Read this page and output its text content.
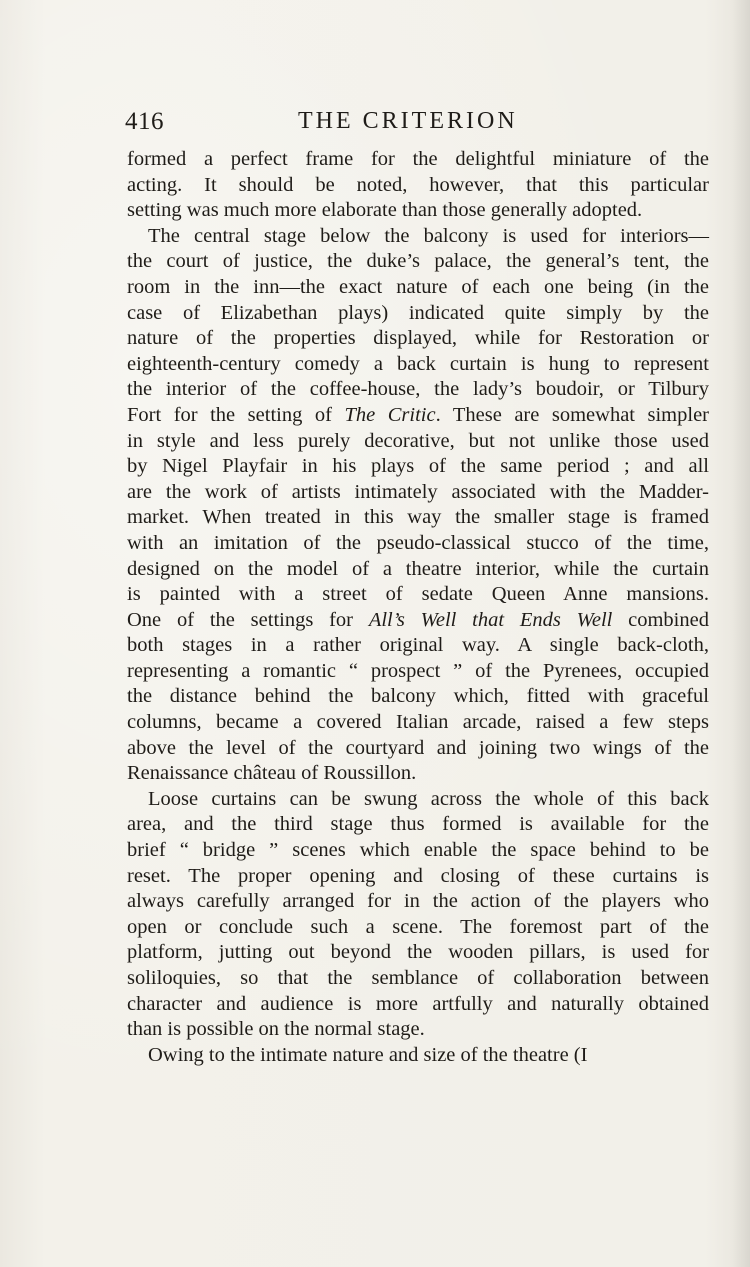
416	THE CRITERION
formed a perfect frame for the delightful miniature of the
acting. It should be noted, however, that this particular
setting was much more elaborate than those generally adopted.
The central stage below the balcony is used for interiors—
the court of justice, the duke’s palace, the general’s tent, the
room in the inn—the exact nature of each one being (in the
case of Elizabethan plays) indicated quite simply by the
nature of the properties displayed, while for Restoration or
eighteenth-century comedy a back curtain is hung to represent
the interior of the coffee-house, the lady’s boudoir, or Tilbury
Fort for the setting of The Critic. These are somewhat simpler
in style and less purely decorative, but not unlike those used
by Nigel Playfair in his plays of the same period ; and all
are the work of artists intimately associated with the Madder-
market. When treated in this way the smaller stage is framed
with an imitation of the pseudo-classical stucco of the time,
designed on the model of a theatre interior, while the curtain
is painted with a street of sedate Queen Anne mansions.
One of the settings for All’s Well that Ends Well combined
both stages in a rather original way. A single back-cloth,
representing a romantic “ prospect ” of the Pyrenees, occupied
the distance behind the balcony which, fitted with graceful
columns, became a covered Italian arcade, raised a few steps
above the level of the courtyard and joining two wings of the
Renaissance château of Roussillon.
Loose curtains can be swung across the whole of this back
area, and the third stage thus formed is available for the
brief “ bridge ” scenes which enable the space behind to be
reset. The proper opening and closing of these curtains is
always carefully arranged for in the action of the players who
open or conclude such a scene. The foremost part of the
platform, jutting out beyond the wooden pillars, is used for
soliloquies, so that the semblance of collaboration between
character and audience is more artfully and naturally obtained
than is possible on the normal stage.
Owing to the intimate nature and size of the theatre (I
